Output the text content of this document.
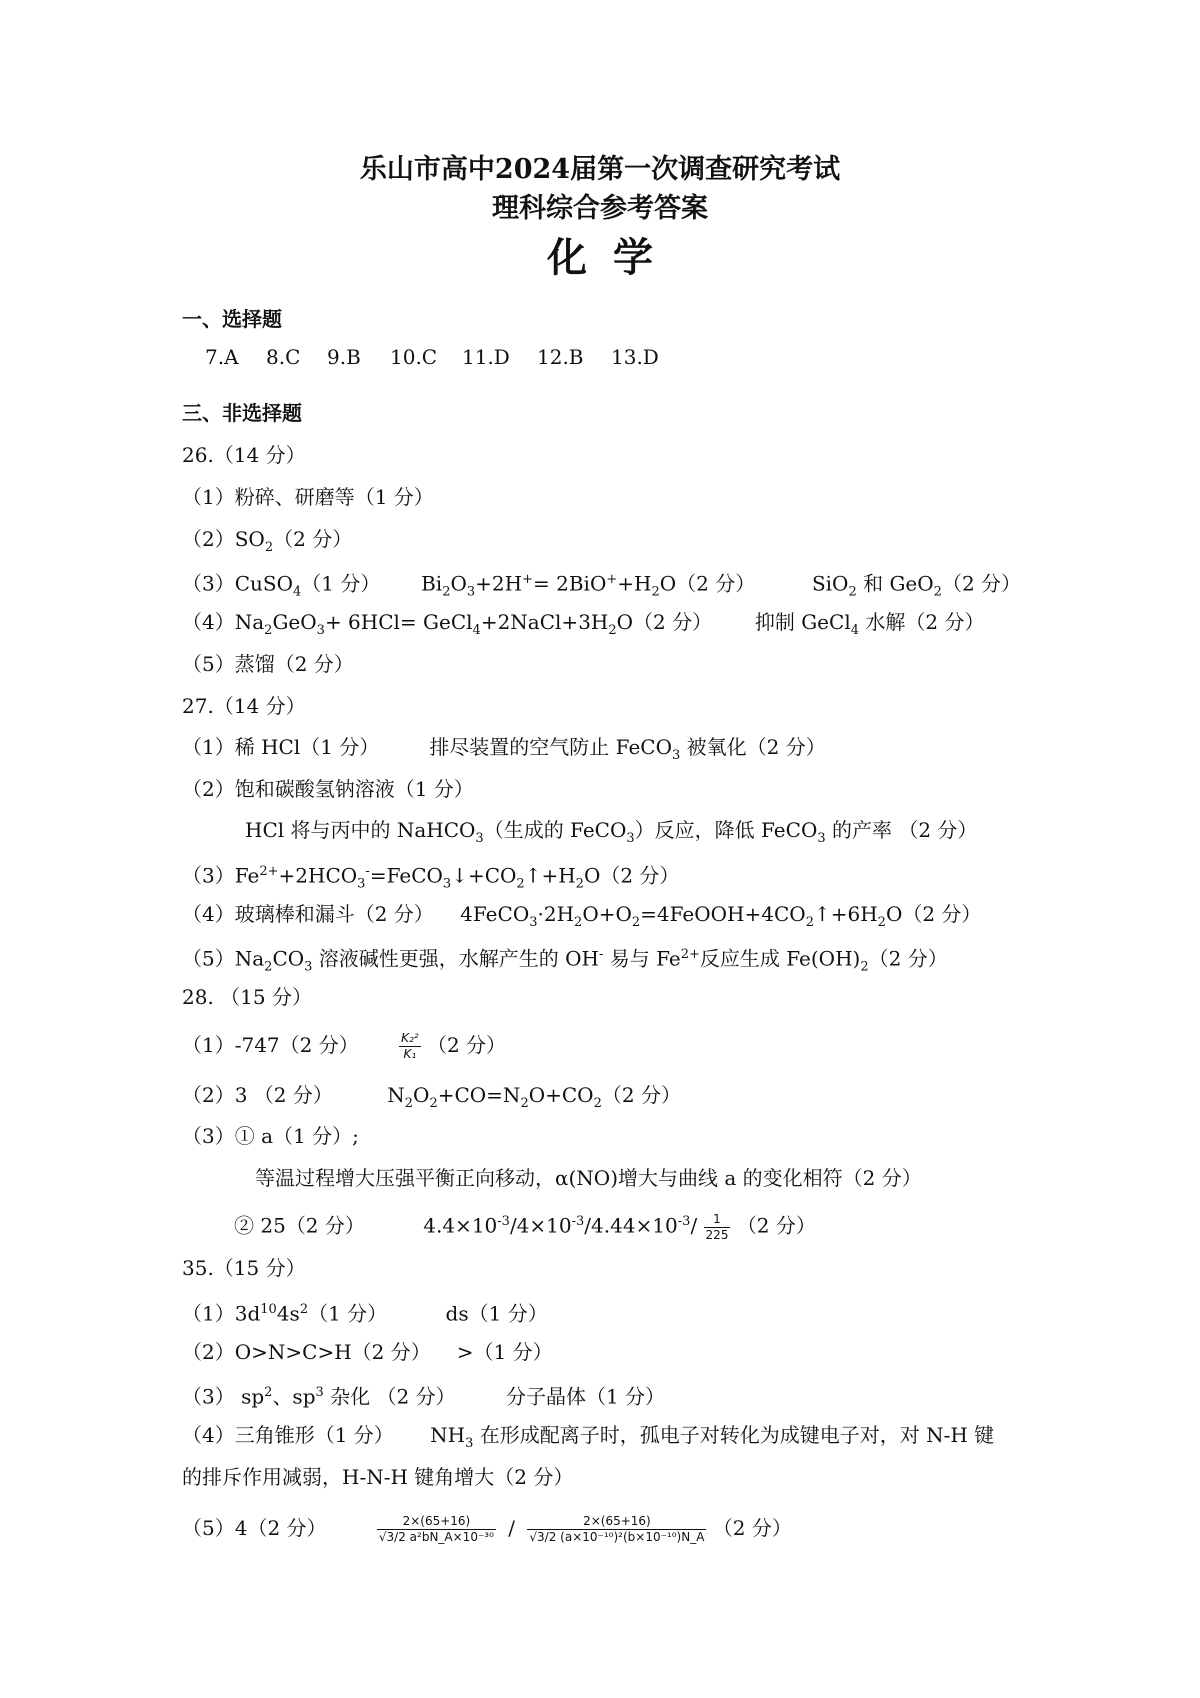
乐山市高中2024届第一次调查研究考试
理科综合参考答案
化学
一、选择题
7.A 8.C 9.B 10.C 11.D 12.B 13.D
三、非选择题
26.（14 分）
（1）粉碎、研磨等（1 分）
$(2)SO_2(2$ 分）
（3）CuSO$_4$（1 分） $Bi_2O_3+2H^+= 2BiO^++H_2O(2$ 分）	SiO$_2$ 和 GeO$_2$（2 分）
$(4)Na_2GeO_3+ 6HCl=$ $GeCl_4+2NaCl+3H_2O(2$ 分） 抑制 GeCl$_4$ 水解（2 分）
（5）蒸馏（2 分）
27.（14 分）
（1）稀 HCl（1 分）	排尽装置的空气防止 FeCO$_3$ 被氧化（2 分）
（2）饱和碳酸氢钠溶液（1 分）
HCl 将与丙中的 NaHCO$_3$（生成的 FeCO$_3$）反应，降低 FeCO$_3$ 的产率 （2 分）
$(3)Fe^{2+}+2HCO_3^-=FeCO_3↓+CO_2↑+H_2O(2$ 分）
（4）玻璃棒和漏斗（2 分） $4FeCO_3\cdot 2H_2O+O_2=4FeOOH+4CO_2↑+6H_2O(2$ 分）
$(5)Na_2CO_3$ 溶液碱性更强，水解产生的 OH- 易与 $Fe^{2+}$反应生成 $Fe(OH)_2(2$ 分）
28. （15 分）
（1）-747（2 分）	$\frac{\text{K₂²}}{\text{K₁}} (2$ 分）
（2）3 （2 分）	$N_2O_2+CO=N_2O+CO_2(2$ 分）
（3）① a（1 分）;
等温过程增大压强平衡正向移动，α(NO)增大与曲线 a 的变化相符（2 分）
② 25（2 分）	$4.4\times 10^{-3}/4\times 10^{-3}/4.44\times 10^{-3}/ \frac{1}{225} (2$ 分）
35.（15 分）
$(1)3d^{10}4s^2(1$ 分）	ds（1 分）
（2）O>N>C>H（2 分） >（1 分）
（3） $sp^2$、$sp^3$ 杂化 （2 分）	分子晶体（1 分）
（4）三角锥形（1 分） $NH_3$ 在形成配离子时，孤电子对转化为成键电子对，对 N-H 键
的排斥作用减弱，H-N-H 键角增大（2 分）
（5）4（2 分）	$\frac{2\times(65+16)}{\text{√3/2 a²bN\_A×10⁻³⁰}} / \frac{2\times(65+16)}{\text{√3/2 (a×10⁻¹⁰)²(b×10⁻¹⁰)N\_A}} (2$ 分）
